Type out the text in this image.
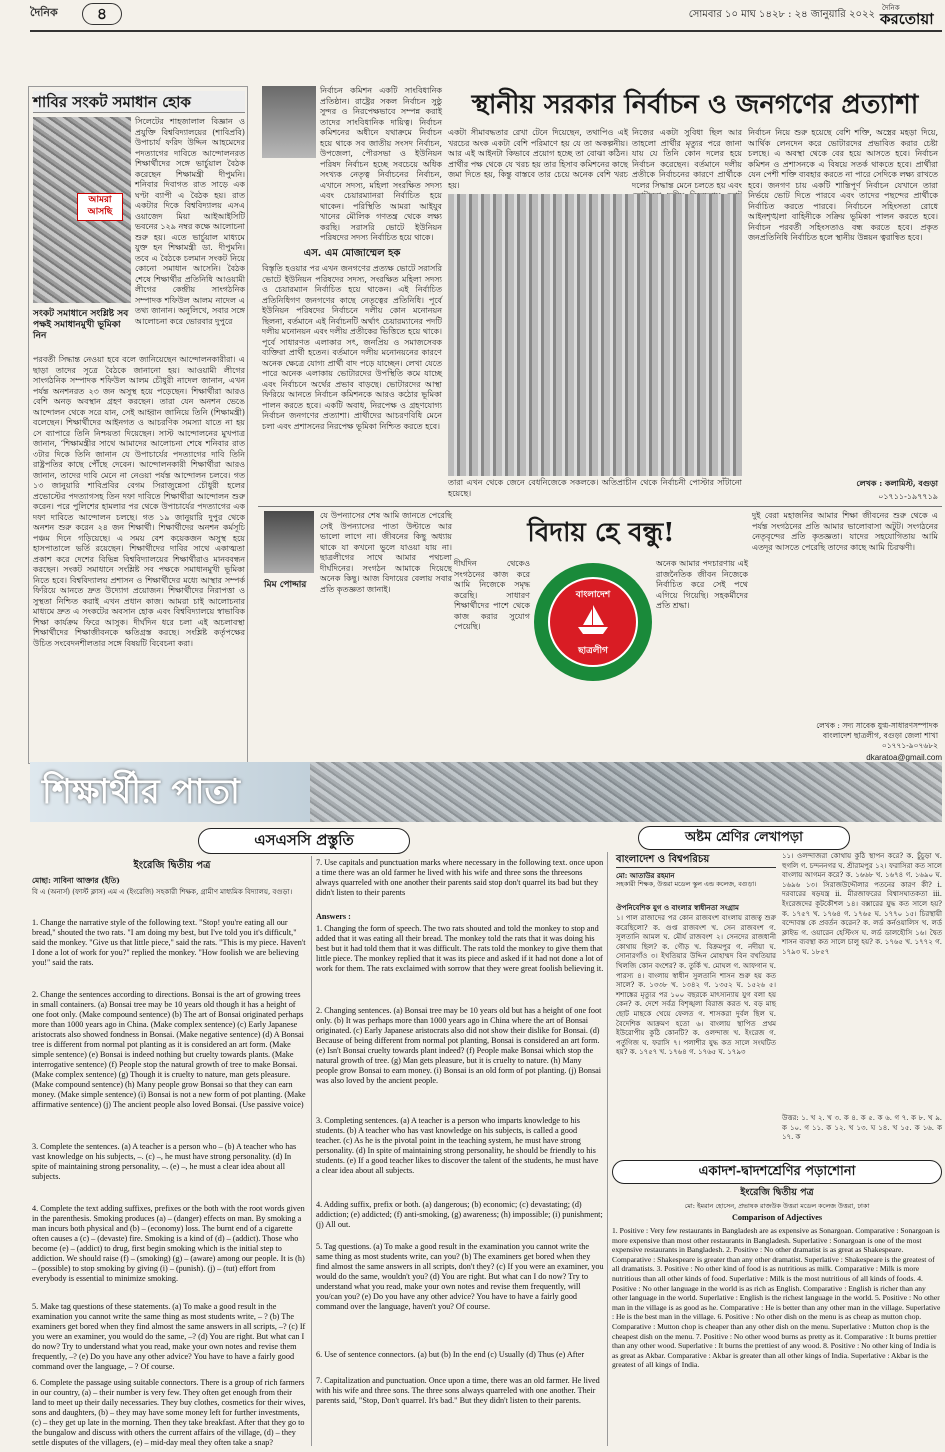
দৈনিক	৪	সোমবার ১০ মাঘ ১৪২৮ : ২৪ জানুয়ারি ২০২২
দৈনিক
করতোয়া
শাবির সংকট সমাধান হোক
আমরা আসছি
সিলেটের শাহজালাল বিজ্ঞান ও প্রযুক্তি বিশ্ববিদ্যালয়ের (শাবিপ্রবি) উপাচার্য ফরিদ উদ্দিন আহমেদের পদত্যাগের দাবিতে আন্দোলনরত শিক্ষার্থীদের সঙ্গে ভার্চুয়াল বৈঠক করেছেন শিক্ষামন্ত্রী দীপুমনি। শনিবার দিবাগত রাত সাড়ে এক ঘণ্টা ব্যাপী এ বৈঠক হয়। রাত একটার দিকে বিশ্ববিদ্যালয় এসএ ওয়াজেদ মিয়া আইআইসিটি ভবনের ১২৯ নম্বর কক্ষে আলোচনা শুরু হয়। এতে ভার্চুয়াল মাধ্যমে যুক্ত হন শিক্ষামন্ত্রী ডা. দীপুমনি। তবে এ বৈঠকে চলমান সংকট নিয়ে কোনো সমাধান আসেনি। বৈঠক শেষে শিক্ষার্থীর প্রতিনিধি আওয়ামী লীগের কেন্দ্রীয় সাংগঠনিক সম্পাদক শফিউল আলম নাদেল এ তথ্য জানান। অনুলিখে, সবার সঙ্গে আলোচনা করে ভোরবার দুপুরে
সংকট সমাধানে সংশ্লিষ্ট সব পক্ষই সমাধানমুখী ভূমিকা নিন
পরবর্তী সিদ্ধান্ত নেওয়া হবে বলে জানিয়েছেন আন্দোলনকারীরা। এ ছাড়া তাদের সূত্রে বৈঠকে জানানো হয়। আওয়ামী লীগের সাংগঠনিক সম্পাদক শফিউল আলম চৌধুরী নাদেল জানান, এখন পর্যন্ত অনশনরত ২৩ জন অসুস্থ হয়ে পড়েছেন। শিক্ষার্থীরা আরও বেশি অনড় অবস্থান গ্রহণ করছেন। তারা যেন অনশন ভেঙে আন্দোলন থেকে সরে যান, সেই আহ্বান জানিয়ে তিনি (শিক্ষামন্ত্রী) বলেছেন। শিক্ষার্থীদের আইনগত ও আচরণিক সমস্যা যাতে না হয় সে ব্যাপারে তিনি নিশ্চয়তা দিয়েছেন। সাস্ট আন্দোলনের মুখপাত্র জানান, ‘শিক্ষামন্ত্রীর সাথে আমাদের আলোচনা শেষে শনিবার রাত ৩টার দিকে তিনি জানান যে উপাচার্যের পদত্যাগের দাবি তিনি রাষ্ট্রপতির কাছে পৌঁছে দেবেন। আন্দোলনকারী শিক্ষার্থীরা আরও জানান, তাদের দাবি মেনে না নেওয়া পর্যন্ত আন্দোলন চলবে। গত ১৩ জানুয়ারি শাবিপ্রবির বেগম সিরাজুন্নেসা চৌধুরী হলের প্রভোস্টের পদত্যাগসহ তিন দফা দাবিতে শিক্ষার্থীরা আন্দোলন শুরু করেন। পরে পুলিশের হামলার পর থেকে উপাচার্যের পদত্যাগের এক দফা দাবিতে আন্দোলন চলছে। গত ১৯ জানুয়ারি দুপুর থেকে অনশন শুরু করেন ২৪ জন শিক্ষার্থী। শিক্ষার্থীদের অনশন কর্মসূচি পঞ্চম দিনে গড়িয়েছে। এ সময় বেশ কয়েকজন অসুস্থ হয়ে হাসপাতালে ভর্তি রয়েছেন। শিক্ষার্থীদের দাবির সাথে একাত্মতা প্রকাশ করে দেশের বিভিন্ন বিশ্ববিদ্যালয়ের শিক্ষার্থীরাও মানববন্ধন করছেন। সংকট সমাধানে সংশ্লিষ্ট সব পক্ষকে সমাধানমুখী ভূমিকা নিতে হবে। বিশ্ববিদ্যালয় প্রশাসন ও শিক্ষার্থীদের মধ্যে আস্থার সম্পর্ক ফিরিয়ে আনতে দ্রুত উদ্যোগ প্রয়োজন। শিক্ষার্থীদের নিরাপত্তা ও সুস্থতা নিশ্চিত করাই এখন প্রধান কাজ। আমরা চাই আলোচনার মাধ্যমে দ্রুত এ সংকটের অবসান হোক এবং বিশ্ববিদ্যালয়ে স্বাভাবিক শিক্ষা কার্যক্রম ফিরে আসুক। দীর্ঘদিন ধরে চলা এই অচলাবস্থা শিক্ষার্থীদের শিক্ষাজীবনকে ক্ষতিগ্রস্ত করছে। সংশ্লিষ্ট কর্তৃপক্ষের উচিত সংবেদনশীলতার সঙ্গে বিষয়টি বিবেচনা করা।
নির্বাচন কমিশন একটি সাংবিধানিক প্রতিষ্ঠান। রাষ্ট্রের সকল নির্বাচন সুষ্ঠু সুন্দর ও নিরপেক্ষভাবে সম্পন্ন করাই তাদের সাংবিধানিক দায়িত্ব। নির্বাচন কমিশনের অধীনে যথাক্রমে নির্বাচন হয়ে থাকে সব জাতীয় সংসদ নির্বাচন, উপজেলা, পৌরসভা ও ইউনিয়ন পরিষদ নির্বাচন হচ্ছে সবচেয়ে অধিক সংখ্যক নেতৃত্ব নির্বাচনের নির্বাচন, এখানে সদস্য, মহিলা সংরক্ষিত সদস্য এবং চেয়ারম্যানরা নির্বাচিত হয়ে থাকেন। পরিস্থিতি আমরা আইযুব খানের মৌলিক গণতন্ত্র থেকে লক্ষ্য করছি। সরাসরি ভোটে ইউনিয়ন পরিষদের সদস্য নির্বাচিত হয়ে থাকে।
স্থানীয় সরকার নির্বাচন ও জনগণের প্রত্যাশা
এস. এম মোজাম্মেল হক
বিস্তৃতি হওয়ার পর এখন জনগণের প্রত্যক্ষ ভোটে সরাসরি ভোটে ইউনিয়ন পরিষদের সদস্য, সংরক্ষিত মহিলা সদস্য ও চেয়ারম্যান নির্বাচিত হয়ে থাকেন। এই নির্বাচিত প্রতিনিধিগণ জনগণের কাছে নেতৃত্বের প্রতিনিধি। পূর্বে ইউনিয়ন পরিষদের নির্বাচনে দলীয় কোন মনোনয়ন ছিলনা, বর্তমানে এই নির্বাচনটি অর্থাৎ চেয়ারম্যানের পদটি দলীয় মনোনয়ন এবং দলীয় প্রতীকের ভিত্তিতে হয়ে থাকে। পূর্বে সাধারণত এলাকার সৎ, জনপ্রিয় ও সমাজসেবক ব্যক্তিরা প্রার্থী হতেন। বর্তমানে দলীয় মনোনয়নের কারণে অনেক ক্ষেত্রে যোগ্য প্রার্থী বাদ পড়ে যাচ্ছেন। লেখা যেতে পারে অনেক এলাকায় ভোটারদের উপস্থিতি কমে যাচ্ছে এবং নির্বাচনে অর্থের প্রভাব বাড়ছে। ভোটারদের আস্থা ফিরিয়ে আনতে নির্বাচন কমিশনকে আরও কঠোর ভূমিকা পালন করতে হবে। একটি অবাধ, নিরপেক্ষ ও গ্রহণযোগ্য নির্বাচন জনগণের প্রত্যাশা। প্রার্থীদের আচরণবিধি মেনে চলা এবং প্রশাসনের নিরপেক্ষ ভূমিকা নিশ্চিত করতে হবে।
একটা সীমাবদ্ধতার রেখা টেনে দিয়েছেন, তথাপিও এই খরচের অংক একটা বেশি পরিমাণে হয় যে তা অকল্পনীয়। আর এই আইনটা কিভাবে প্রয়োগ হচ্ছে তা বোঝা কঠিন। প্রার্থীর পক্ষ থেকে যে খরচ হয় তার হিসাব কমিশনের কাছে জমা দিতে হয়, কিন্তু বাস্তবে তার চেয়ে অনেক বেশি খরচ হয়।
নিজের একটা সুবিধা ছিল আর তাহলো প্রার্থীর মৃত্যুর পরে জানা যায় যে তিনি কোন দলের হয়ে নির্বাচন করেছেন। বর্তমানে দলীয় প্রতীকে নির্বাচনের কারণে প্রার্থীকে দলের সিদ্ধান্ত মেনে চলতে হয় এবং
নির্বাচন নিয়ে শুরু হয়েছে বেশি শক্তি, অস্ত্রের মহড়া দিয়ে, আর্থিক লেনদেন করে ভোটারদের প্রভাবিত করার চেষ্টা চলছে। এ অবস্থা থেকে বের হয়ে আসতে হবে। নির্বাচন কমিশন ও প্রশাসনকে এ বিষয়ে সতর্ক থাকতে হবে। প্রার্থীরা যেন পেশী শক্তি ব্যবহার করতে না পারে সেদিকে লক্ষ্য রাখতে হবে। জনগণ চায় একটি শান্তিপূর্ণ নির্বাচন যেখানে তারা নির্ভয়ে ভোট দিতে পারবে এবং তাদের পছন্দের প্রার্থীকে নির্বাচিত করতে পারবে। নির্বাচনে সহিংসতা রোধে আইনশৃঙ্খলা বাহিনীকে সক্রিয় ভূমিকা পালন করতে হবে। নির্বাচন পরবর্তী সহিংসতাও বন্ধ করতে হবে। প্রকৃত জনপ্রতিনিধি নির্বাচিত হলে স্থানীয় উন্নয়ন ত্বরান্বিত হবে।
তারা এখন থেকে জেনে বেধনিজেকে সকলকে। অতিপ্রাচীন থেকে নির্বাচনী পোস্টার সাঁটানো হয়েছে।
লেখক : কলামিস্ট, বগুড়া
০১৭১১-১৯৭৭১৯
মিম পোদ্দার
যে উপন্যাসের শেষ আমি জানতে পেরেছি সেই উপন্যাসের পাতা উল্টাতে আর ভালো লাগে না। জীবনের কিছু অধ্যায় থাকে যা কখনো ভুলে যাওয়া যায় না। ছাত্রলীগের সাথে আমার পথচলা দীর্ঘদিনের। সংগঠন আমাকে দিয়েছে অনেক কিছু। আজ বিদায়ের বেলায় সবার প্রতি কৃতজ্ঞতা জানাই।
বিদায় হে বন্ধু!
দীর্ঘদিন থেকেও সংগঠনের কাজ করে আমি নিজেকে সমৃদ্ধ করেছি। সাধারণ শিক্ষার্থীদের পাশে থেকে কাজ করার সুযোগ পেয়েছি।
বাংলাদেশ
ছাত্রলীগ
অনেক আমার পদচারণায় এই রাজনৈতিক জীবন নিজেকে নির্বাচিত করে সেই পথে এগিয়ে গিয়েছি। সহকর্মীদের প্রতি শ্রদ্ধা।
দুই বেরা মহাজনির আমার শিক্ষা জীবনের শুরু থেকে এ পর্যন্ত সংগঠনের প্রতি আমার ভালোবাসা অটুট। সংগঠনের নেতৃবৃন্দের প্রতি কৃতজ্ঞতা। যাদের সহযোগিতায় আমি এতদূর আসতে পেরেছি তাদের কাছে আমি চিরঋণী।
লেখক : সদ্য সাবেক যুগ্ম-সাধারণসম্পাদক
বাংলাদেশ ছাত্রলীগ, বগুড়া জেলা শাখা
০১৭৭১-৯০৭৬৮২
dkaratoa@gmail.com
শিক্ষার্থীর পাতা
এসএসসি প্রস্তুতি	অষ্টম শ্রেণির লেখাপড়া
ইংরেজি দ্বিতীয় পত্র
মোছা: সাবিনা আক্তার (ইতি)
বি এ (অনার্স) (ফার্স্ট ক্লাস) এম এ (ইংরেজি) সহকারী শিক্ষক, গ্রামীণ মাধ্যমিক বিদ্যালয়, বগুড়া।
1. Change the narrative style of the following text. "Stop! you're eating all our bread," shouted the two rats. "I am doing my best, but I've told you it's difficult," said the monkey. "Give us that little piece," said the rats. "This is my piece. Haven't I done a lot of work for you?" replied the monkey. "How foolish we are believing you!" said the rats.
2. Change the sentences according to directions. Bonsai is the art of growing trees in small containers. (a) Bonsai tree may be 10 years old though it has a height of one foot only. (Make compound sentence) (b) The art of Bonsai originated perhaps more than 1000 years ago in China. (Make complex sentence) (c) Early Japanese aristocrats also showed fondness in Bonsai. (Make negative sentence) (d) A Bonsai tree is different from normal pot planting as it is considered an art form. (Make simple sentence) (e) Bonsai is indeed nothing but cruelty towards plants. (Make interrogative sentence) (f) People stop the natural growth of tree to make Bonsai. (Make complex sentence) (g) Though it is cruelty to nature, man gets pleasure. (Make compound sentence) (h) Many people grow Bonsai so that they can earn money. (Make simple sentence) (i) Bonsai is not a new form of pot planting. (Make affirmative sentence) (j) The ancient people also loved Bonsai. (Use passive voice)
3. Complete the sentences. (a) A teacher is a person who – (b) A teacher who has vast knowledge on his subjects, –. (c) –, he must have strong personality. (d) In spite of maintaining strong personality, –. (e) –, he must a clear idea about all subjects.
4. Complete the text adding suffixes, prefixes or the both with the root words given in the parenthesis. Smoking produces (a) – (danger) effects on man. By smoking a man incurs both physical and (b) – (economy) loss. The burnt end of a cigarette often causes a (c) – (devaste) fire. Smoking is a kind of (d) – (addict). Those who become (e) – (addict) to drug, first begin smoking which is the initial step to addiction. We should raise (f) – (smoking) (g) – (aware) among our people. It is (h) – (possible) to stop smoking by giving (i) – (punish). (j) – (tut) effort from everybody is essential to minimize smoking.
5. Make tag questions of these statements. (a) To make a good result in the examination you cannot write the same thing as most students write, – ? (b) The examiners get bored when they find almost the same answers in all scripts, –? (c) If you were an examiner, you would do the same, –? (d) You are right. But what can I do now? Try to understand what you read, make your own notes and revise them frequently, –? (e) Do you have any other advice? You have to have a fairly good command over the language, – ? Of course.
6. Complete the passage using suitable connectors. There is a group of rich farmers in our country, (a) – their number is very few. They often get enough from their land to meet up their daily necessaries. They buy clothes, cosmetics for their wives, sons and daughters, (b) – they may have some money left for further investments, (c) – they get up late in the morning. Then they take breakfast. After that they go to the bungalow and discuss with others the current affairs of the village, (d) – they settle disputes of the villagers, (e) – mid-day meal they often take a snap?
7. Use capitals and punctuation marks where necessary in the following text. once upon a time there was an old farmer he lived with his wife and three sons the threesons always quarreled with one another their parents said stop don't quarrel its bad but they didn't listen to their parents
Answers :
1. Changing the form of speech. The two rats shouted and told the monkey to stop and added that it was eating all their bread. The monkey told the rats that it was doing his best but it had told them that it was difficult. The rats told the monkey to give them that little piece. The monkey replied that it was its piece and asked if it had not done a lot of work for them. The rats exclaimed with sorrow that they were great foolish believing it.
2. Changing sentences. (a) Bonsai tree may be 10 years old but has a height of one foot only. (b) It was perhaps more than 1000 years ago in China where the art of Bonsai originated. (c) Early Japanese aristocrats also did not show their dislike for Bonsai. (d) Because of being different from normal pot planting, Bonsai is considered an art form. (e) Isn't Bonsai cruelty towards plant indeed? (f) People make Bonsai which stop the natural growth of tree. (g) Man gets pleasure, but it is cruelty to nature. (h) Many people grow Bonsai to earn money. (i) Bonsai is an old form of pot planting. (j) Bonsai was also loved by the ancient people.
3. Completing sentences. (a) A teacher is a person who imparts knowledge to his students. (b) A teacher who has vast knowledge on his subjects, is called a good teacher. (c) As he is the pivotal point in the teaching system, he must have strong personality. (d) In spite of maintaining strong personality, he should be friendly to his students. (e) If a good teacher likes to discover the talent of the students, he must have a clear idea about all subjects.
4. Adding suffix, prefix or both. (a) dangerous; (b) economic; (c) devastating; (d) addiction; (e) addicted; (f) anti-smoking, (g) awareness; (h) impossible; (i) punishment; (j) All out.
5. Tag questions. (a) To make a good result in the examination you cannot write the same thing as most students write, can you? (b) The examiners get bored when they find almost the same answers in all scripts, don't they? (c) If you were an examiner, you would do the same, wouldn't you? (d) You are right. But what can I do now? Try to understand what you read, make your own notes and revise them frequently, will you/can you? (e) Do you have any other advice? You have to have a fairly good command over the language, haven't you? Of course.
6. Use of sentence connectors. (a) but (b) In the end (c) Usually (d) Thus (e) After
7. Capitalization and punctuation. Once upon a time, there was an old farmer. He lived with his wife and three sons. The three sons always quarreled with one another. Their parents said, "Stop, Don't quarrel. It's bad." But they didn't listen to their parents.
বাংলাদেশ ও বিশ্বপরিচয়
মো: আতাউর রহমান
সহকারী শিক্ষক, উত্তরা মডেল স্কুল এন্ড কলেজ, বগুড়া।
ঔপনিবেশিক যুগ ও বাংলার স্বাধীনতা সংগ্রাম
১। পাল রাজাদের পর কোন রাজবংশ বাংলায় রাজত্ব শুরু করেছিলো? ক. গুপ্ত রাজবংশ খ. সেন রাজবংশ গ. সুলতানি আমল ঘ. মৌর্য রাজবংশ ২। সেনদের রাজধানী কোথায় ছিল? ক. গৌড় খ. বিক্রমপুর গ. নদীয়া ঘ. সোনারগাঁও ৩। ইখতিয়ার উদ্দিন মোহাম্মদ বিন বখতিয়ার খিলজি কোন বংশের? ক. তুর্কি খ. মোঘল গ. আফগান ঘ. পারস্য ৪। বাংলায় স্বাধীন সুলতানি শাসন শুরু হয় কত সালে? ক. ১৩৩৮ খ. ১৩৪২ গ. ১৩৫২ ঘ. ১৫২৬ ৫। শশাঙ্কের মৃত্যুর পর ১০০ বছরকে মাৎস্যন্যায় যুগ বলা হয় কেন? ক. দেশে সর্বত্র বিশৃঙ্খলা বিরাজ করত খ. বড় মাছ ছোট মাছকে খেয়ে ফেলত গ. শাসকরা দুর্বল ছিল ঘ. বৈদেশিক আক্রমণ হতো ৬। বাংলায় স্থাপিত প্রথম ইউরোপীয় কুঠি কোনটি? ক. ওলন্দাজ খ. ইংরেজ গ. পর্তুগিজ ঘ. ফরাসি ৭। পলাশীর যুদ্ধ কত সালে সংঘটিত হয়? ক. ১৭৫৭ খ. ১৭৬৪ গ. ১৭৬৫ ঘ. ১৭৯৩
১১। ওলন্দাজরা কোথায় কুঠি স্থাপন করে? ক. চুঁচুড়া খ. হুগলি গ. চন্দননগর ঘ. শ্রীরামপুর ১২। ফরাসিরা কত সালে বাংলায় আগমন করে? ক. ১৬৬৮ খ. ১৬৭৪ গ. ১৬৯০ ঘ. ১৬৯৬ ১৩। সিরাজউদ্দৌলার পতনের কারণ কী? i. দরবারের ষড়যন্ত্র ii. মীরজাফরের বিশ্বাসঘাতকতা iii. ইংরেজদের কূটকৌশল ১৪। বক্সারের যুদ্ধ কত সালে হয়? ক. ১৭৫৭ খ. ১৭৬৪ গ. ১৭৬৫ ঘ. ১৭৭০ ১৫। চিরস্থায়ী বন্দোবস্ত কে প্রবর্তন করেন? ক. লর্ড কর্নওয়ালিস খ. লর্ড ক্লাইভ গ. ওয়ারেন হেস্টিংস ঘ. লর্ড ডালহৌসি ১৬। দ্বৈত শাসন ব্যবস্থা কত সালে চালু হয়? ক. ১৭৬৫ খ. ১৭৭২ গ. ১৭৯৩ ঘ. ১৮৫৭
উত্তর: ১. খ ২. খ ৩. ক ৪. ক ৫. ক ৬. গ ৭. ক ৮. খ ৯. ক ১০. গ ১১. ক ১২. খ ১৩. ঘ ১৪. খ ১৫. ক ১৬. ক ১৭. ক
একাদশ-দ্বাদশশ্রেণির পড়াশোনা
ইংরেজি দ্বিতীয় পত্র
মো: ইমরান হোসেন, প্রভাষক রাজউক উত্তরা মডেল কলেজ উত্তরা, ঢাকা
Comparison of Adjectives
1. Positive : Very few restaurants in Bangladesh are as expensive as Sonargoan. Comparative : Sonargoan is more expensive than most other restaurants in Bangladesh. Superlative : Sonargoan is one of the most expensive restaurants in Bangladesh. 2. Positive : No other dramatist is as great as Shakespeare. Comparative : Shakespeare is greater than any other dramatist. Superlative : Shakespeare is the greatest of all dramatists. 3. Positive : No other kind of food is as nutritious as milk. Comparative : Milk is more nutritious than all other kinds of food. Superlative : Milk is the most nutritious of all kinds of foods. 4. Positive : No other language in the world is as rich as English. Comparative : English is richer than any other language in the world. Superlative : English is the richest language in the world. 5. Positive : No other man in the village is as good as he. Comparative : He is better than any other man in the village. Superlative : He is the best man in the village. 6. Positive : No other dish on the menu is as cheap as mutton chop. Comparative : Mutton chop is cheaper than any other dish on the menu. Superlative : Mutton chop is the cheapest dish on the menu. 7. Positive : No other wood burns as pretty as it. Comparative : It burns prettier than any other wood. Superlative : It burns the prettiest of any wood. 8. Positive : No other king of India is as great as Akbar. Comparative : Akbar is greater than all other kings of India. Superlative : Akbar is the greatest of all kings of India.
